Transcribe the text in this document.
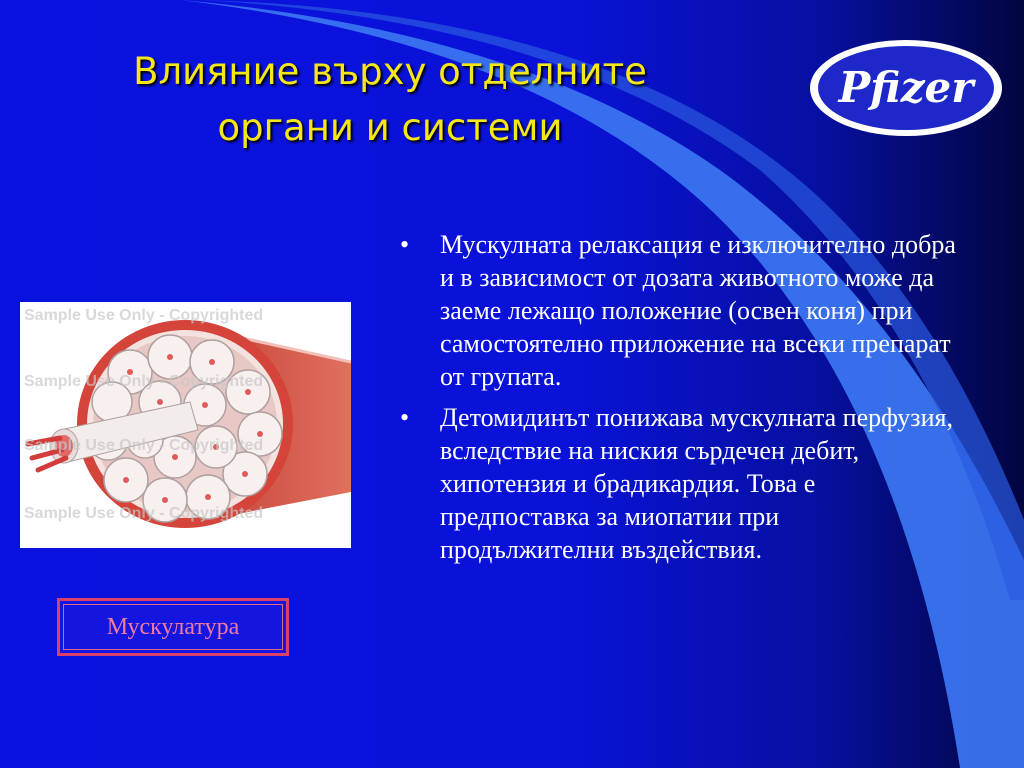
Влияние върху отделните
органи и системи
Pfizer
Sample Use Only - Copyrighted
Sample Use Only - Copyrighted
Sample Use Only - Copyrighted
Sample Use Only - Copyrighted
Мускулатура
• Мускулната релаксация е изключително добра и в зависимост от дозата животното може да заеме лежащо положение (освен коня) при самостоятелно приложение на всеки препарат от групата.
• Детомидинът понижава мускулната перфузия, вследствие на ниския сърдечен дебит, хипотензия и брадикардия. Това е предпоставка за миопатии при продължителни въздействия.
